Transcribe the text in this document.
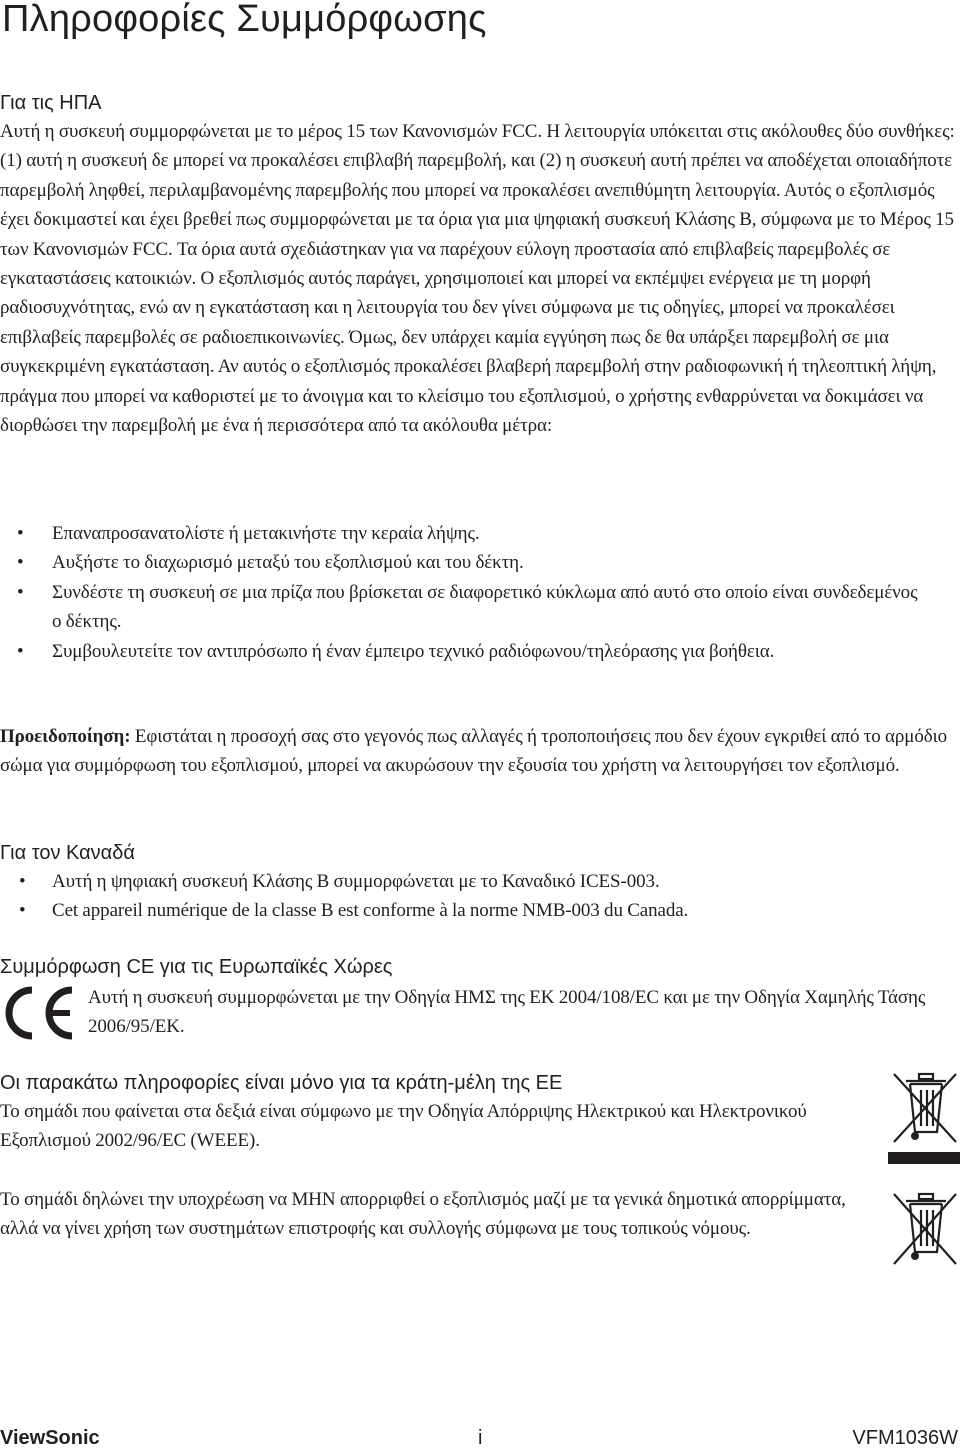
Πληροφορίες Συμμόρφωσης
Για τις ΗΠΑ

Αυτή η συσκευή συμμορφώνεται με το μέρος 15 των Κανονισμών FCC. Η λειτουργία υπόκειται στις ακόλουθες δύο συνθήκες: (1) αυτή η συσκευή δε μπορεί να προκαλέσει επιβλαβή παρεμβολή, και (2) η συσκευή αυτή πρέπει να αποδέχεται οποιαδήποτε παρεμβολή ληφθεί, περιλαμβανομένης παρεμβολής που μπορεί να προκαλέσει ανεπιθύμητη λειτουργία. Αυτός ο εξοπλισμός έχει δοκιμαστεί και έχει βρεθεί πως συμμορφώνεται με τα όρια για μια ψηφιακή συσκευή Κλάσης B, σύμφωνα με το Μέρος 15 των Κανονισμών FCC. Τα όρια αυτά σχεδιάστηκαν για να παρέχουν εύλογη προστασία από επιβλαβείς παρεμβολές σε εγκαταστάσεις κατοικιών. Ο εξοπλισμός αυτός παράγει, χρησιμοποιεί και μπορεί να εκπέμψει ενέργεια με τη μορφή ραδιοσυχνότητας, ενώ αν η εγκατάσταση και η λειτουργία του δεν γίνει σύμφωνα με τις οδηγίες, μπορεί να προκαλέσει επιβλαβείς παρεμβολές σε ραδιοεπικοινωνίες. Όμως, δεν υπάρχει καμία εγγύηση πως δε θα υπάρξει παρεμβολή σε μια συγκεκριμένη εγκατάσταση. Αν αυτός ο εξοπλισμός προκαλέσει βλαβερή παρεμβολή στην ραδιοφωνική ή τηλεοπτική λήψη, πράγμα που μπορεί να καθοριστεί με το άνοιγμα και το κλείσιμο του εξοπλισμού, ο χρήστης ενθαρρύνεται να δοκιμάσει να διορθώσει την παρεμβολή με ένα ή περισσότερα από τα ακόλουθα μέτρα:

• Επαναπροσανατολίστε ή μετακινήστε την κεραία λήψης.
• Αυξήστε το διαχωρισμό μεταξύ του εξοπλισμού και του δέκτη.
• Συνδέστε τη συσκευή σε μια πρίζα που βρίσκεται σε διαφορετικό κύκλωμα από αυτό στο οποίο είναι συνδεδεμένος ο δέκτης.
• Συμβουλευτείτε τον αντιπρόσωπο ή έναν έμπειρο τεχνικό ραδιόφωνου/τηλεόρασης για βοήθεια.

Προειδοποίηση: Εφιστάται η προσοχή σας στο γεγονός πως αλλαγές ή τροποποιήσεις που δεν έχουν εγκριθεί από το αρμόδιο σώμα για συμμόρφωση του εξοπλισμού, μπορεί να ακυρώσουν την εξουσία του χρήστη να λειτουργήσει τον εξοπλισμό.

Για τον Καναδά
• Αυτή η ψηφιακή συσκευή Κλάσης B συμμορφώνεται με το Καναδικό ICES-003.
• Cet appareil numérique de la classe B est conforme à la norme NMB-003 du Canada.
Συμμόρφωση CE για τις Ευρωπαϊκές Χώρες

Αυτή η συσκευή συμμορφώνεται με την Οδηγία ΗΜΣ της ΕΚ 2004/108/EC και με την Οδηγία Χαμηλής Τάσης 2006/95/ΕΚ.

Οι παρακάτω πληροφορίες είναι μόνο για τα κράτη-μέλη της ΕΕ

Το σημάδι που φαίνεται στα δεξιά είναι σύμφωνο με την Οδηγία Απόρριψης Ηλεκτρικού και Ηλεκτρονικού Εξοπλισμού 2002/96/EC (WEEE).

Το σημάδι δηλώνει την υποχρέωση να ΜΗΝ απορριφθεί ο εξοπλισμός μαζί με τα γενικά δημοτικά απορρίμματα, αλλά να γίνει χρήση των συστημάτων επιστροφής και συλλογής σύμφωνα με τους τοπικούς νόμους.

ViewSonic	i	VFM1036W
